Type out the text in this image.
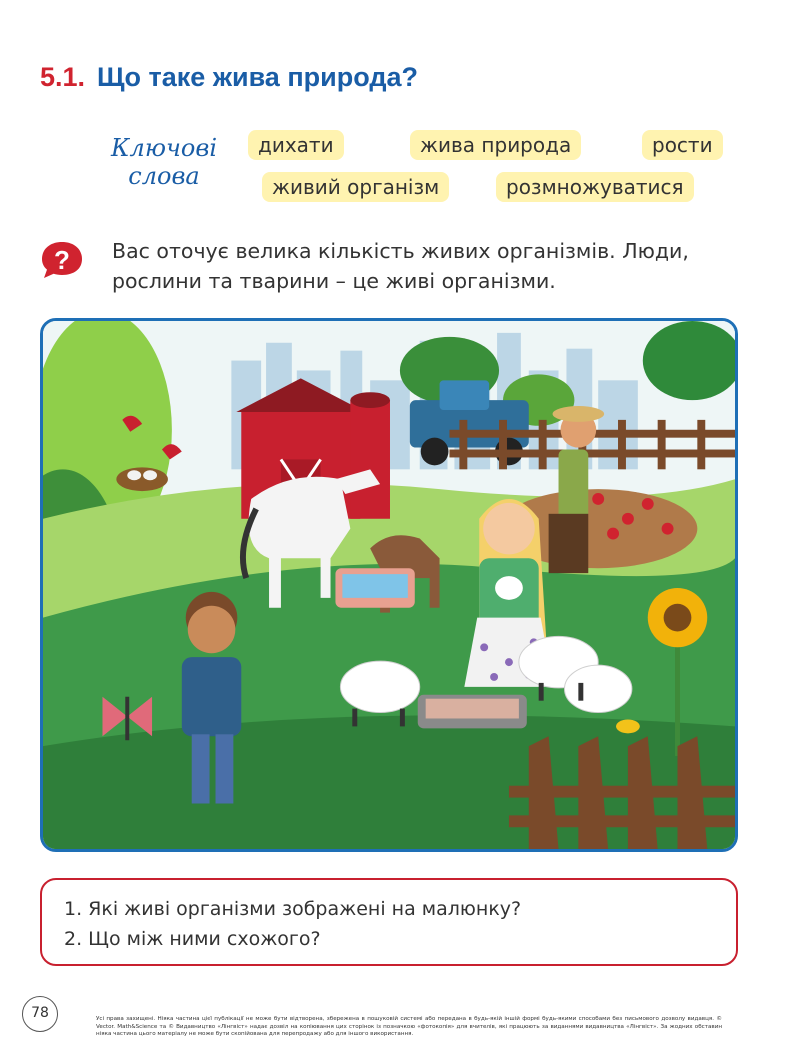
5.1. Що таке жива природа?
Ключові
слова
дихати	жива природа	рости
живий організм	розмножуватися
? Вас оточує велика кількість живих організмів. Люди, рослини та тварини – це живі організми.
1. Які живі організми зображені на малюнку?
2. Що між ними схожого?
78	Усі права захищені. Ніяка частина цієї публікації не може бути відтворена, збережена в пошуковій системі або передана в будь-якій іншій формі будь-якими способами без письмового дозволу видавця. © Vector. Math&Science та © Видавництво «Лінгвіст» надає дозвіл на копіювання цих сторінок із позначкою «фотокопія» для вчителів, які працюють за виданнями видавництва «Лінгвіст». За жодних обставин ніяка частина цього матеріалу не може бути скопійована для перепродажу або для іншого використання.
